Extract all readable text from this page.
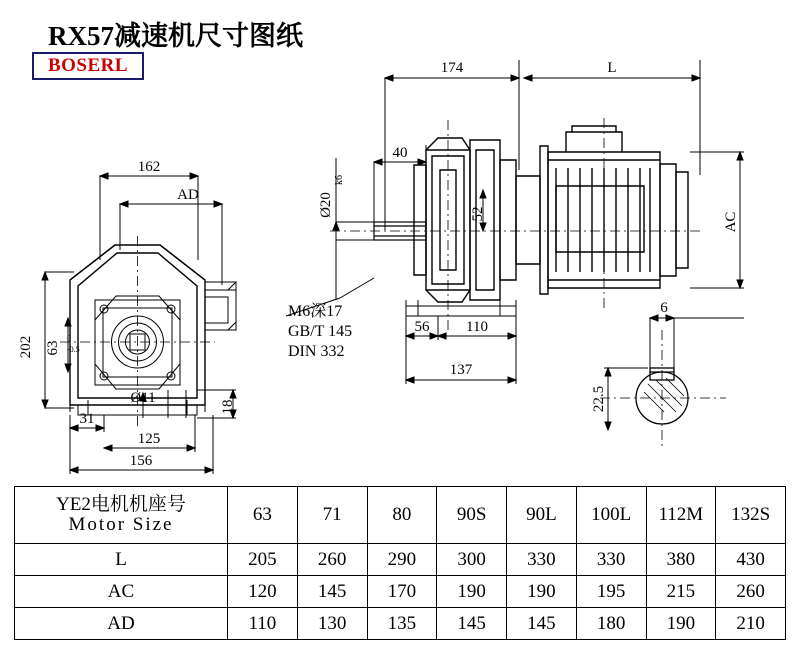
RX57减速机尺寸图纸
BOSERL
162
AD
202 63
0
-0.5
31
125
156
18
Ø11
174	L
40
Ø20
k6
52	AC
56 110
137
6
22.5
M6深17
GB/T 145
DIN 332
YE2电机机座号
Motor Size	63	71	80	90S	90L	100L	112M	132S
L	205	260	290	300	330	330	380	430
AC	120	145	170	190	190	195	215	260
AD	110	130	135	145	145	180	190	210
